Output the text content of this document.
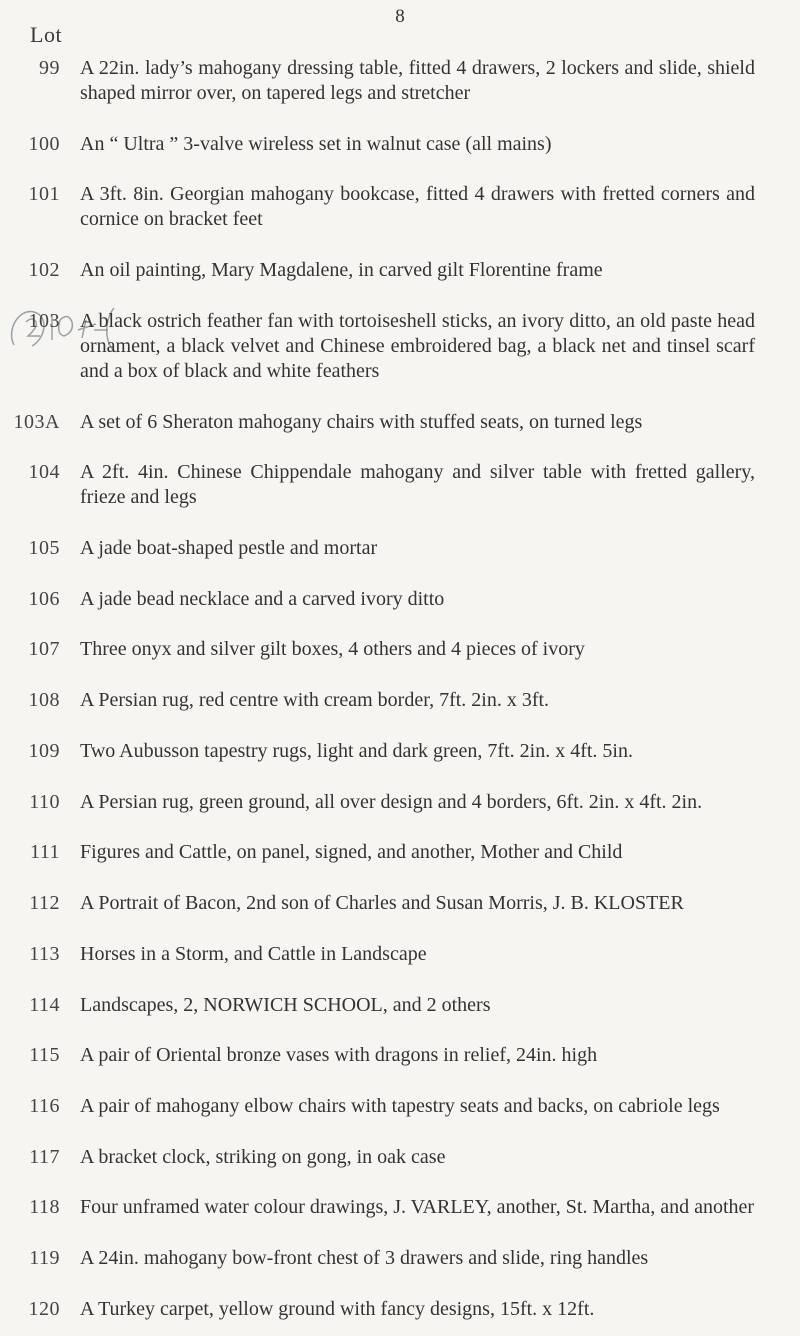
8
Lot
99	A 22in. lady’s mahogany dressing table, fitted 4 drawers, 2 lockers and slide, shield shaped mirror over, on tapered legs and stretcher
100	An “ Ultra ” 3-valve wireless set in walnut case (all mains)
101	A 3ft. 8in. Georgian mahogany bookcase, fitted 4 drawers with fretted corners and cornice on bracket feet
102	An oil painting, Mary Magdalene, in carved gilt Florentine frame
103	A black ostrich feather fan with tortoiseshell sticks, an ivory ditto, an old paste head ornament, a black velvet and Chinese embroidered bag, a black net and tinsel scarf and a box of black and white feathers
103A	A set of 6 Sheraton mahogany chairs with stuffed seats, on turned legs
104	A 2ft. 4in. Chinese Chippendale mahogany and silver table with fretted gallery, frieze and legs
105	A jade boat-shaped pestle and mortar
106	A jade bead necklace and a carved ivory ditto
107	Three onyx and silver gilt boxes, 4 others and 4 pieces of ivory
108	A Persian rug, red centre with cream border, 7ft. 2in. x 3ft.
109	Two Aubusson tapestry rugs, light and dark green, 7ft. 2in. x 4ft. 5in.
110	A Persian rug, green ground, all over design and 4 borders, 6ft. 2in. x 4ft. 2in.
111	Figures and Cattle, on panel, signed, and another, Mother and Child
112	A Portrait of Bacon, 2nd son of Charles and Susan Morris, J. B. KLOSTER
113	Horses in a Storm, and Cattle in Landscape
114	Landscapes, 2, NORWICH SCHOOL, and 2 others
115	A pair of Oriental bronze vases with dragons in relief, 24in. high
116	A pair of mahogany elbow chairs with tapestry seats and backs, on cabriole legs
117	A bracket clock, striking on gong, in oak case
118	Four unframed water colour drawings, J. VARLEY, another, St. Martha, and another
119	A 24in. mahogany bow-front chest of 3 drawers and slide, ring handles
120	A Turkey carpet, yellow ground with fancy designs, 15ft. x 12ft.
